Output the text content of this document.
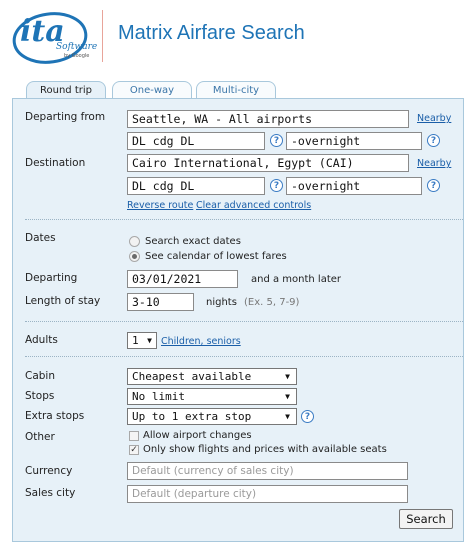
ita
Software
by Google
Matrix Airfare Search
Round trip	One-way	Multi-city
Departing from	Seattle, WA - All airports	Nearby
DL cdg DL	?	-overnight	?
Destination	Cairo International, Egypt (CAI)	Nearby
DL cdg DL	?	-overnight	?
Reverse route Clear advanced controls
Dates	Search exact dates
See calendar of lowest fares
Departing	03/01/2021	and a month later
Length of stay	3-10	nights (Ex. 5, 7-9)
Adults	1 ▼ Children, seniors
Cabin	Cheapest available	▼
Stops	No limit	▼
Extra stops	Up to 1 extra stop	▼	?
Other	Allow airport changes
✓ Only show flights and prices with available seats
Currency	Default (currency of sales city)
Sales city	Default (departure city)
Search
